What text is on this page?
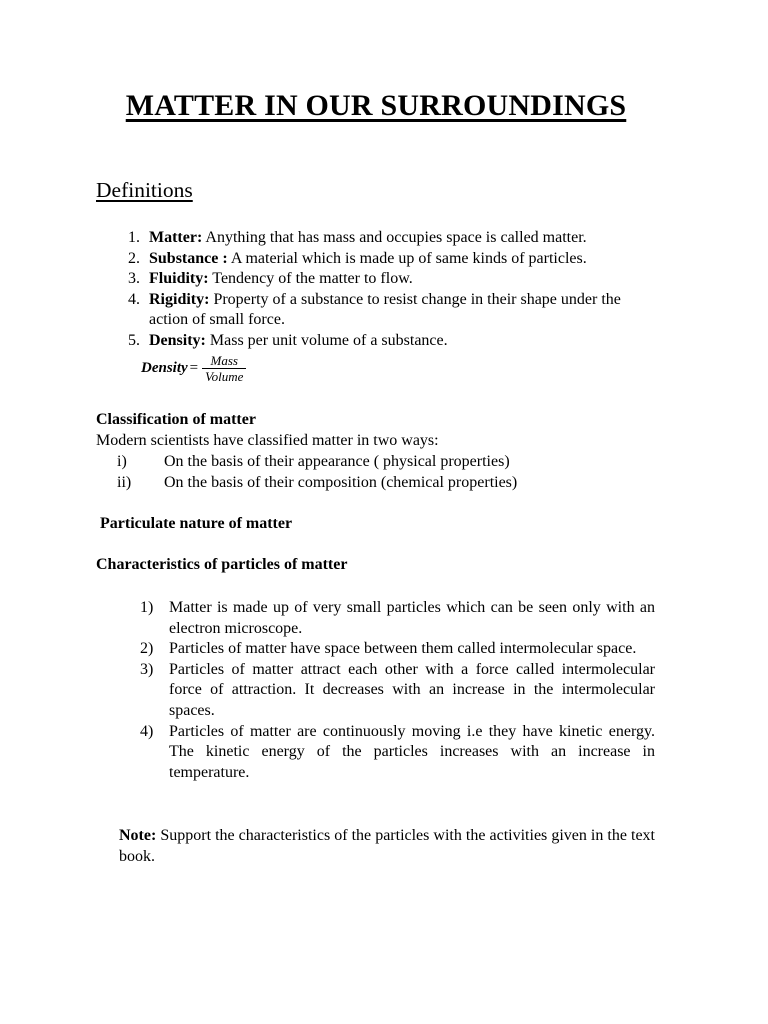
MATTER IN OUR SURROUNDINGS
Definitions
1. Matter: Anything that has mass and occupies space is called matter.
2. Substance : A material which is made up of same kinds of particles.
3. Fluidity: Tendency of the matter to flow.
4. Rigidity: Property of a substance to resist change in their shape under the action of small force.
5. Density: Mass per unit volume of a substance.
Density = $\frac{\text{Mass}}{\text{Volume}}$
Classification of matter
Modern scientists have classified matter in two ways:
i)	On the basis of their appearance ( physical properties)
ii)	On the basis of their composition (chemical properties)
Particulate nature of matter
Characteristics of particles of matter
1) Matter is made up of very small particles which can be seen only with an electron microscope.
2) Particles of matter have space between them called intermolecular space.
3) Particles of matter attract each other with a force called intermolecular force of attraction. It decreases with an increase in the intermolecular spaces.
4) Particles of matter are continuously moving i.e they have kinetic energy. The kinetic energy of the particles increases with an increase in temperature.
Note: Support the characteristics of the particles with the activities given in the text book.
